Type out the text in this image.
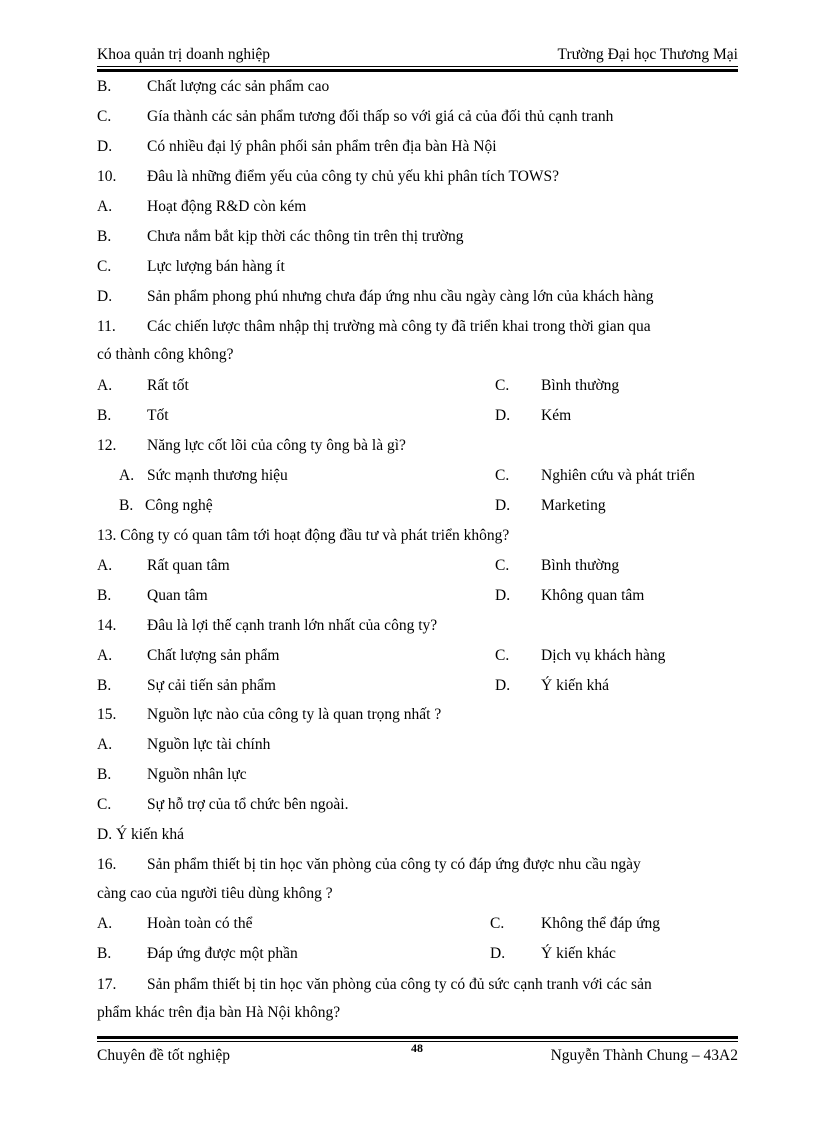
Khoa quản trị doanh nghiệp	Trường Đại học Thương Mại
B. Chất lượng các sản phẩm cao
C. Gía thành các sản phẩm tương đối thấp so với giá cả của đối thủ cạnh tranh
D. Có nhiều đại lý phân phối sản phẩm trên địa bàn Hà Nội
10. Đâu là những điểm yếu của công ty chủ yếu khi phân tích TOWS?
A. Hoạt động R&D còn kém
B. Chưa nắm bắt kịp thời các thông tin trên thị trường
C. Lực lượng bán hàng ít
D. Sản phẩm phong phú nhưng chưa đáp ứng nhu cầu ngày càng lớn của khách hàng
11. Các chiến lược thâm nhập thị trường mà công ty đã triển khai trong thời gian qua
có thành công không?
A. Rất tốt	C. Bình thường
B. Tốt	D. Kém
12. Năng lực cốt lõi của công ty ông bà là gì?
A. Sức mạnh thương hiệu	C. Nghiên cứu và phát triển
B. Công nghệ	D. Marketing
13. Công ty có quan tâm tới hoạt động đầu tư và phát triển không?
A. Rất quan tâm	C. Bình thường
B. Quan tâm	D. Không quan tâm
14. Đâu là lợi thế cạnh tranh lớn nhất của công ty?
A. Chất lượng sản phẩm	C. Dịch vụ khách hàng
B. Sự cải tiến sản phẩm	D. Ý kiến khá
15. Nguồn lực nào của công ty là quan trọng nhất ?
A. Nguồn lực tài chính
B. Nguồn nhân lực
C. Sự hỗ trợ của tổ chức bên ngoài.
D. Ý kiến khá
16. Sản phẩm thiết bị tin học văn phòng của công ty có đáp ứng được nhu cầu ngày
càng cao của người tiêu dùng không ?
A. Hoàn toàn có thể	C. Không thể đáp ứng
B. Đáp ứng được một phần	D. Ý kiến khác
17. Sản phẩm thiết bị tin học văn phòng của công ty có đủ sức cạnh tranh với các sản
phẩm khác trên địa bàn Hà Nội không?
Chuyên đề tốt nghiệp	48	Nguyễn Thành Chung – 43A2
